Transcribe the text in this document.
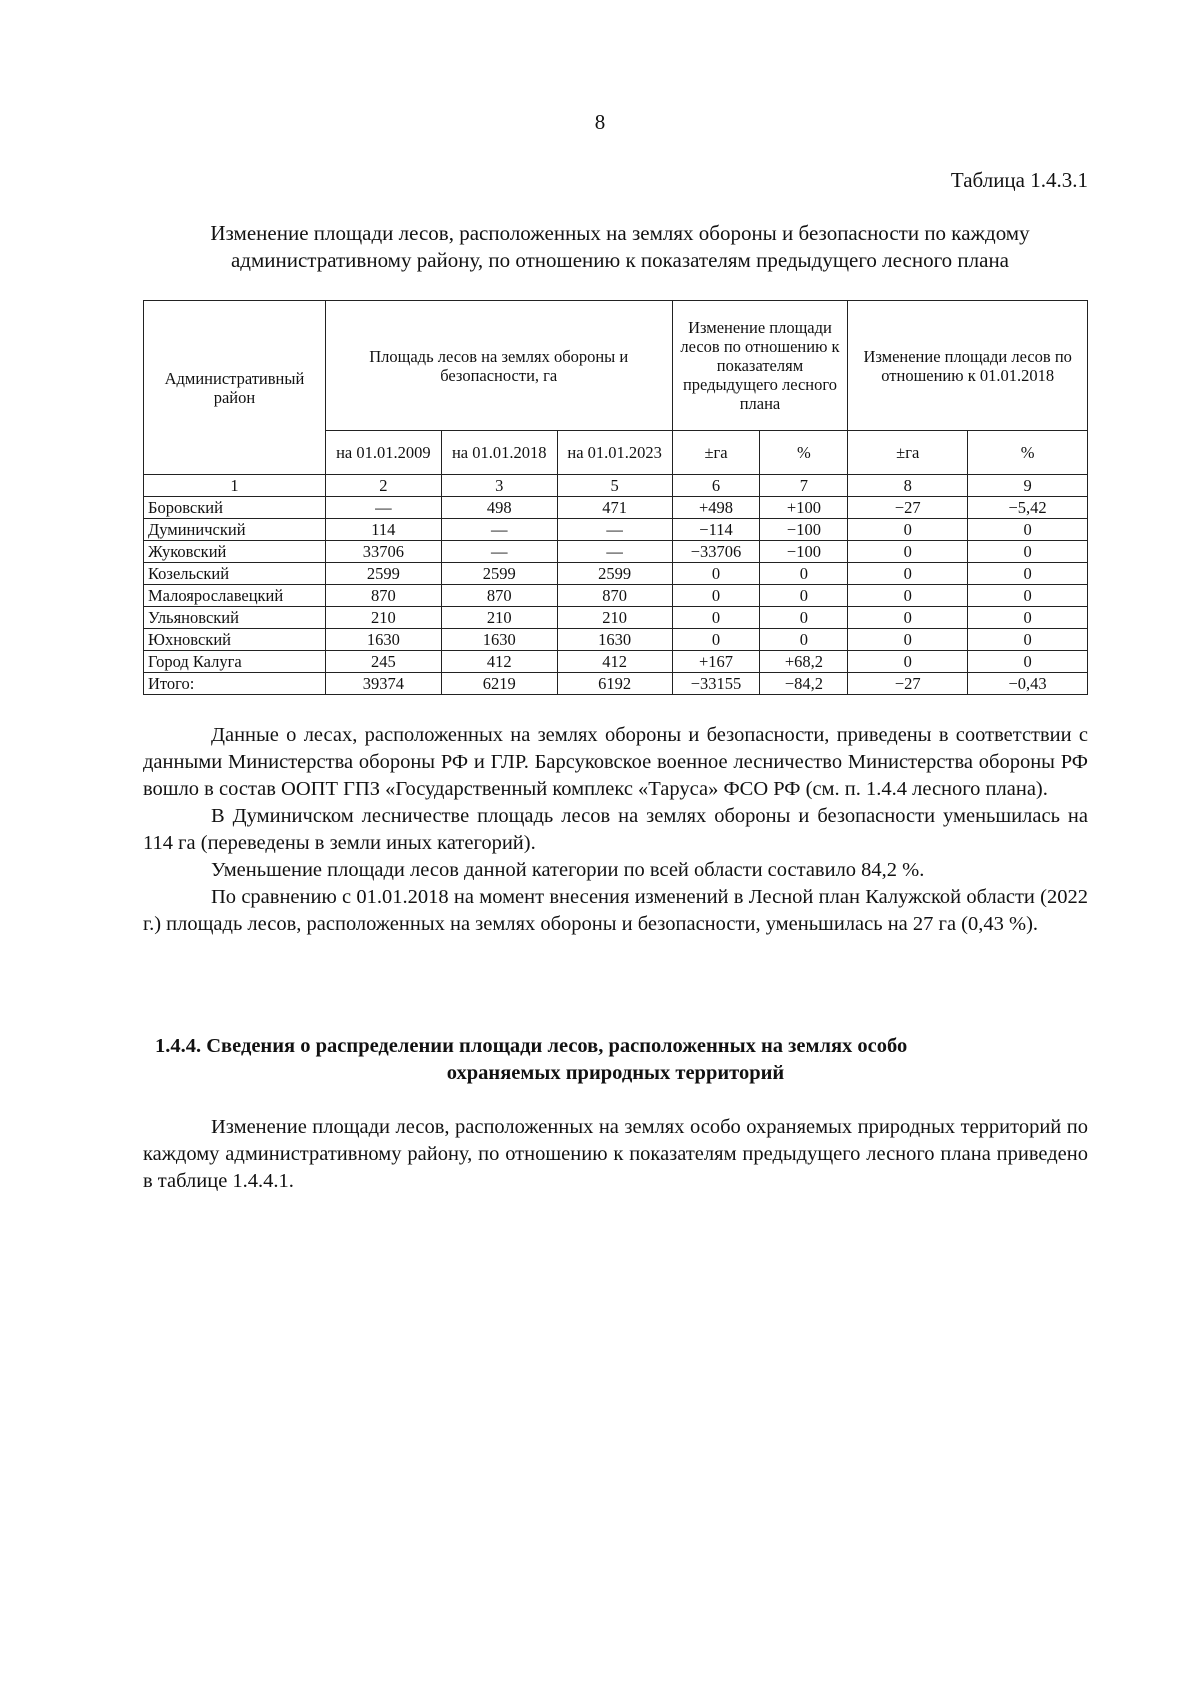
8
Таблица 1.4.3.1
Изменение площади лесов, расположенных на землях обороны и безопасности по каждому
административному району, по отношению к показателям предыдущего лесного плана
Административный район	Площадь лесов на землях обороны и безопасности, га			Изменение площади лесов по отношению к показателям предыдущего лесного плана		Изменение площади лесов по отношению к 01.01.2018	
	на 01.01.2009	на 01.01.2018	на 01.01.2023	±га	%	±га	%
1	2	3	5	6	7	8	9
Боровский	—	498	471	+498	+100	−27	−5,42
Думиничский	114	—	—	−114	−100	0	0
Жуковский	33706	—	—	−33706	−100	0	0
Козельский	2599	2599	2599	0	0	0	0
Малоярославецкий	870	870	870	0	0	0	0
Ульяновский	210	210	210	0	0	0	0
Юхновский	1630	1630	1630	0	0	0	0
Город Калуга	245	412	412	+167	+68,2	0	0
Итого:	39374	6219	6192	−33155	−84,2	−27	−0,43

Данные о лесах, расположенных на землях обороны и безопасности, приведены в соответствии с данными Министерства обороны РФ и ГЛР. Барсуковское военное лесничество Министерства обороны РФ вошло в состав ООПТ ГПЗ «Государственный комплекс «Таруса» ФСО РФ (см. п. 1.4.4 лесного плана).

В Думиничском лесничестве площадь лесов на землях обороны и безопасности уменьшилась на 114 га (переведены в земли иных категорий).

Уменьшение площади лесов данной категории по всей области составило 84,2 %.

По сравнению с 01.01.2018 на момент внесения изменений в Лесной план Калужской области (2022 г.) площадь лесов, расположенных на землях обороны и безопасности, уменьшилась на 27 га (0,43 %).

1.4.4. Сведения о распределении площади лесов, расположенных на землях особо
охраняемых природных территорий

Изменение площади лесов, расположенных на землях особо охраняемых природных территорий по каждому административному району, по отношению к показателям предыдущего лесного плана приведено в таблице 1.4.4.1.
